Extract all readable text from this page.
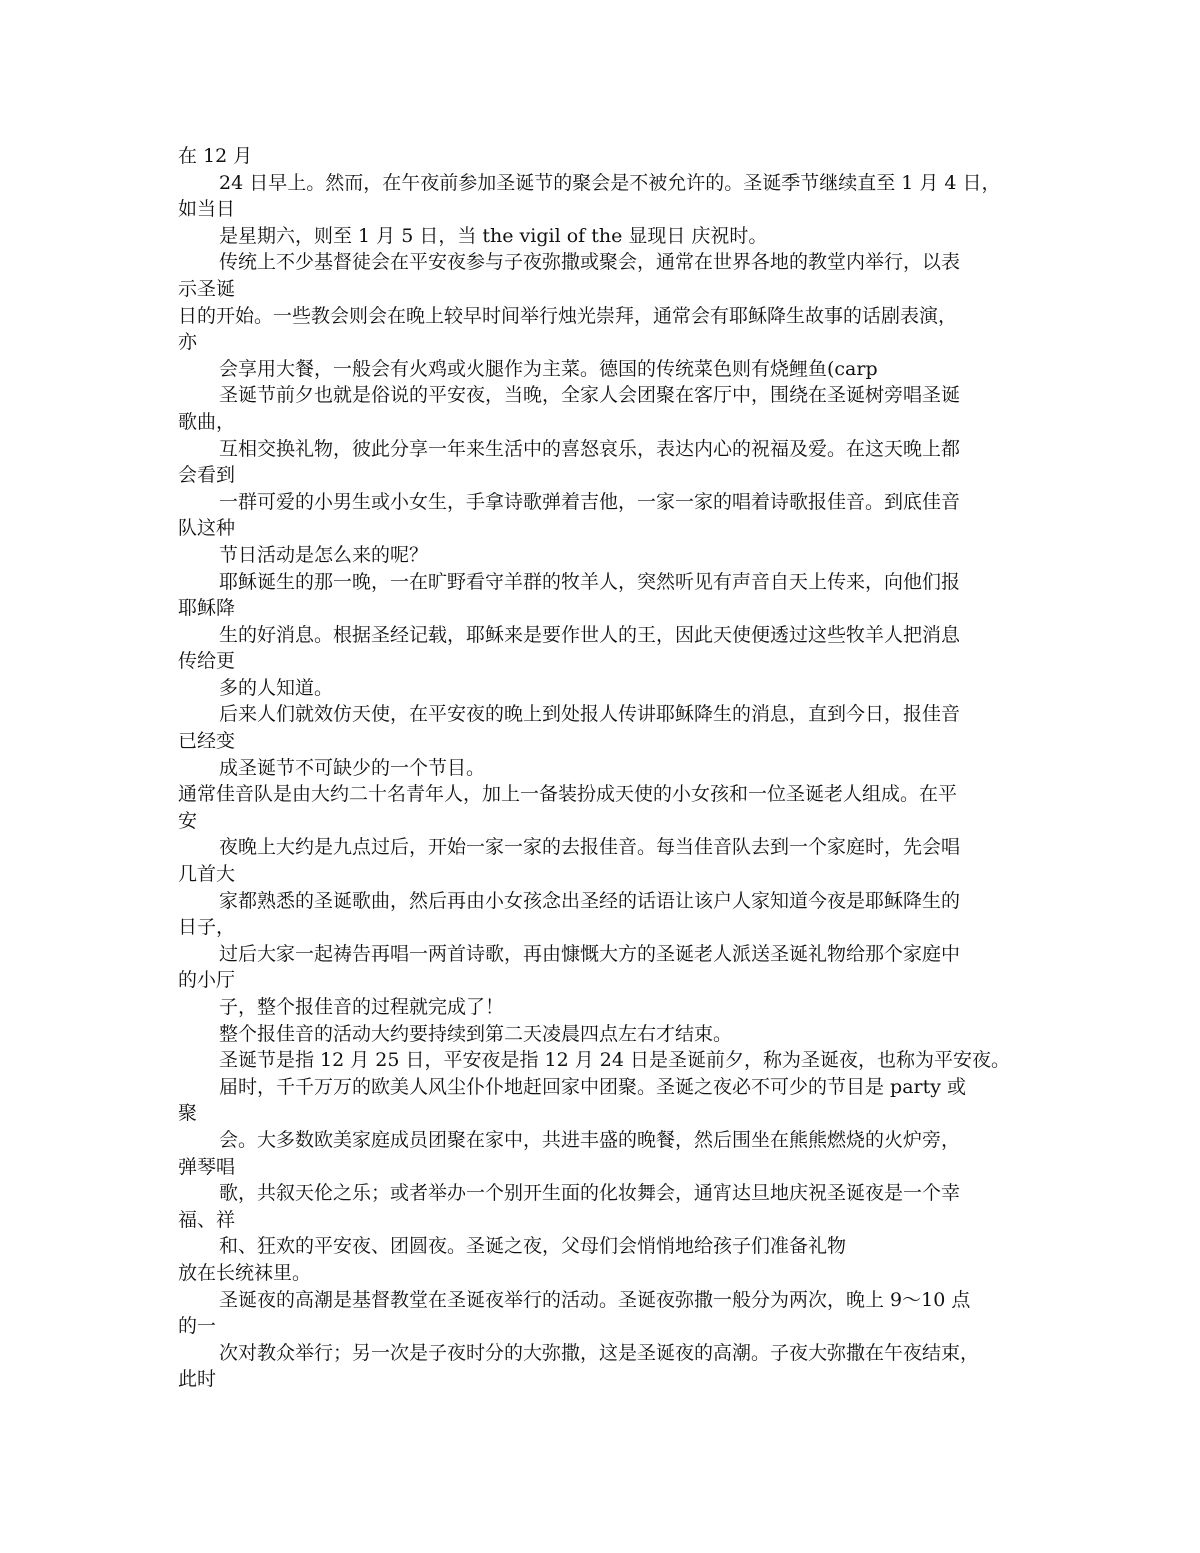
在 12 月
24 日早上。然而，在午夜前参加圣诞节的聚会是不被允许的。圣诞季节继续直至 1 月 4 日，
如当日
是星期六，则至 1 月 5 日，当 the vigil of the 显现日 庆祝时。
传统上不少基督徒会在平安夜参与子夜弥撒或聚会，通常在世界各地的教堂内举行，以表
示圣诞
日的开始。一些教会则会在晚上较早时间举行烛光崇拜，通常会有耶稣降生故事的话剧表演，
亦
会享用大餐，一般会有火鸡或火腿作为主菜。德国的传统菜色则有烧鲤鱼(carp
圣诞节前夕也就是俗说的平安夜，当晚，全家人会团聚在客厅中，围绕在圣诞树旁唱圣诞
歌曲，
互相交换礼物，彼此分享一年来生活中的喜怒哀乐，表达内心的祝福及爱。在这天晚上都
会看到
一群可爱的小男生或小女生，手拿诗歌弹着吉他，一家一家的唱着诗歌报佳音。到底佳音
队这种
节日活动是怎么来的呢？
耶稣诞生的那一晚，一在旷野看守羊群的牧羊人，突然听见有声音自天上传来，向他们报
耶稣降
生的好消息。根据圣经记载，耶稣来是要作世人的王，因此天使便透过这些牧羊人把消息
传给更
多的人知道。
后来人们就效仿天使，在平安夜的晚上到处报人传讲耶稣降生的消息，直到今日，报佳音
已经变
成圣诞节不可缺少的一个节目。
通常佳音队是由大约二十名青年人，加上一备装扮成天使的小女孩和一位圣诞老人组成。在平
安
夜晚上大约是九点过后，开始一家一家的去报佳音。每当佳音队去到一个家庭时，先会唱
几首大
家都熟悉的圣诞歌曲，然后再由小女孩念出圣经的话语让该户人家知道今夜是耶稣降生的
日子，
过后大家一起祷告再唱一两首诗歌，再由慷慨大方的圣诞老人派送圣诞礼物给那个家庭中
的小厅
子，整个报佳音的过程就完成了！
整个报佳音的活动大约要持续到第二天凌晨四点左右才结束。
圣诞节是指 12 月 25 日，平安夜是指 12 月 24 日是圣诞前夕，称为圣诞夜，也称为平安夜。
届时，千千万万的欧美人风尘仆仆地赶回家中团聚。圣诞之夜必不可少的节目是 party 或
聚
会。大多数欧美家庭成员团聚在家中，共进丰盛的晚餐，然后围坐在熊熊燃烧的火炉旁，
弹琴唱
歌，共叙天伦之乐；或者举办一个别开生面的化妆舞会，通宵达旦地庆祝圣诞夜是一个幸
福、祥
和、狂欢的平安夜、团圆夜。圣诞之夜，父母们会悄悄地给孩子们准备礼物
放在长统袜里。
圣诞夜的高潮是基督教堂在圣诞夜举行的活动。圣诞夜弥撒一般分为两次，晚上 9～10 点
的一
次对教众举行；另一次是子夜时分的大弥撒，这是圣诞夜的高潮。子夜大弥撒在午夜结束，
此时
